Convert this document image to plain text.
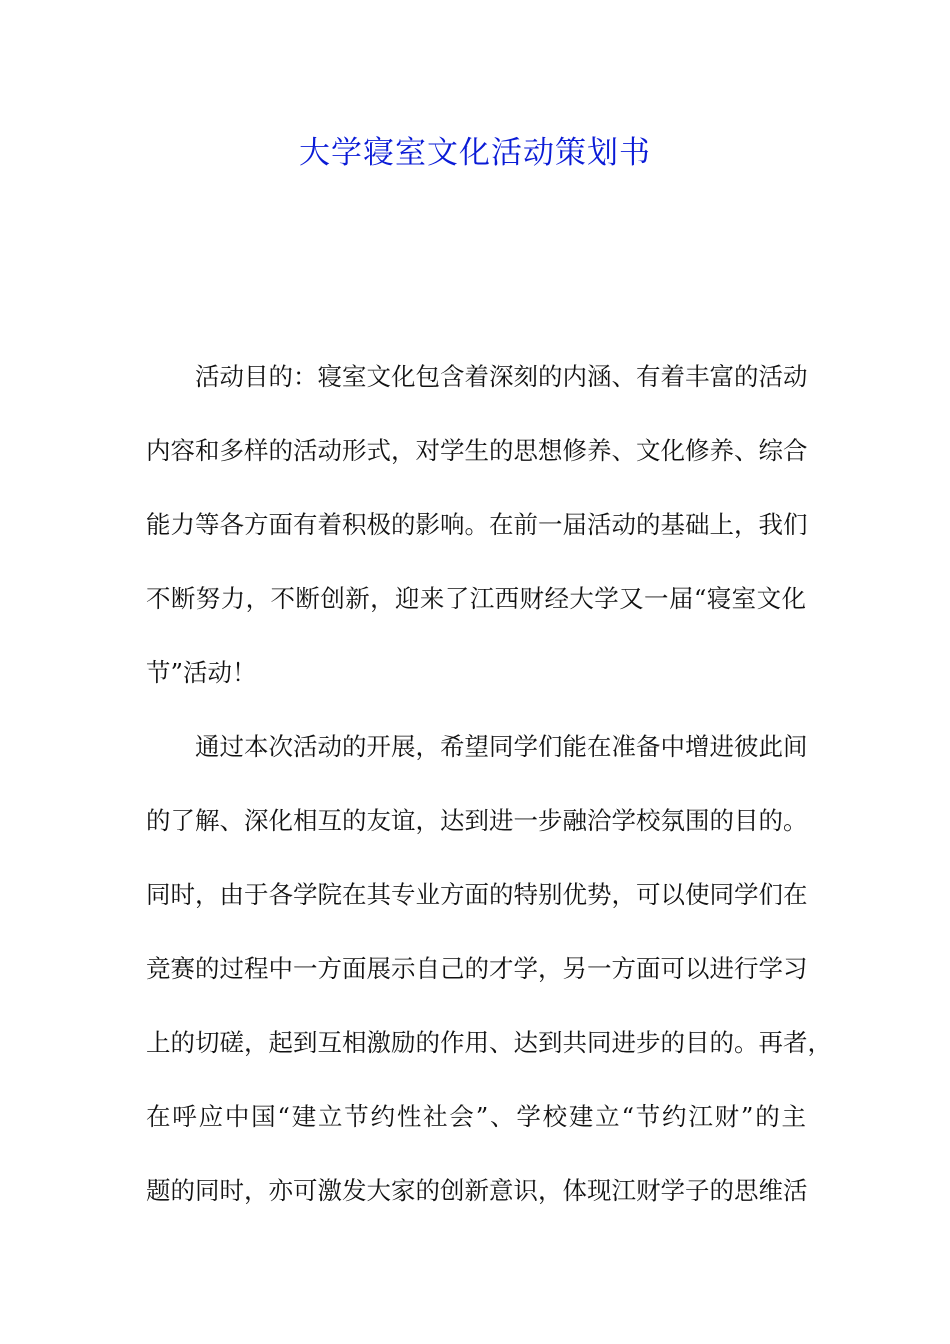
大学寝室文化活动策划书
活动目的：寝室文化包含着深刻的内涵、有着丰富的活动
内容和多样的活动形式，对学生的思想修养、文化修养、综合
能力等各方面有着积极的影响。在前一届活动的基础上，我们
不断努力，不断创新，迎来了江西财经大学又一届“寝室文化
节”活动！
通过本次活动的开展，希望同学们能在准备中增进彼此间
的了解、深化相互的友谊，达到进一步融洽学校氛围的目的。
同时，由于各学院在其专业方面的特别优势，可以使同学们在
竞赛的过程中一方面展示自己的才学，另一方面可以进行学习
上的切磋，起到互相激励的作用、达到共同进步的目的。再者，
在呼应中国“建立节约性社会”、学校建立“节约江财”的主
题的同时，亦可激发大家的创新意识，体现江财学子的思维活
